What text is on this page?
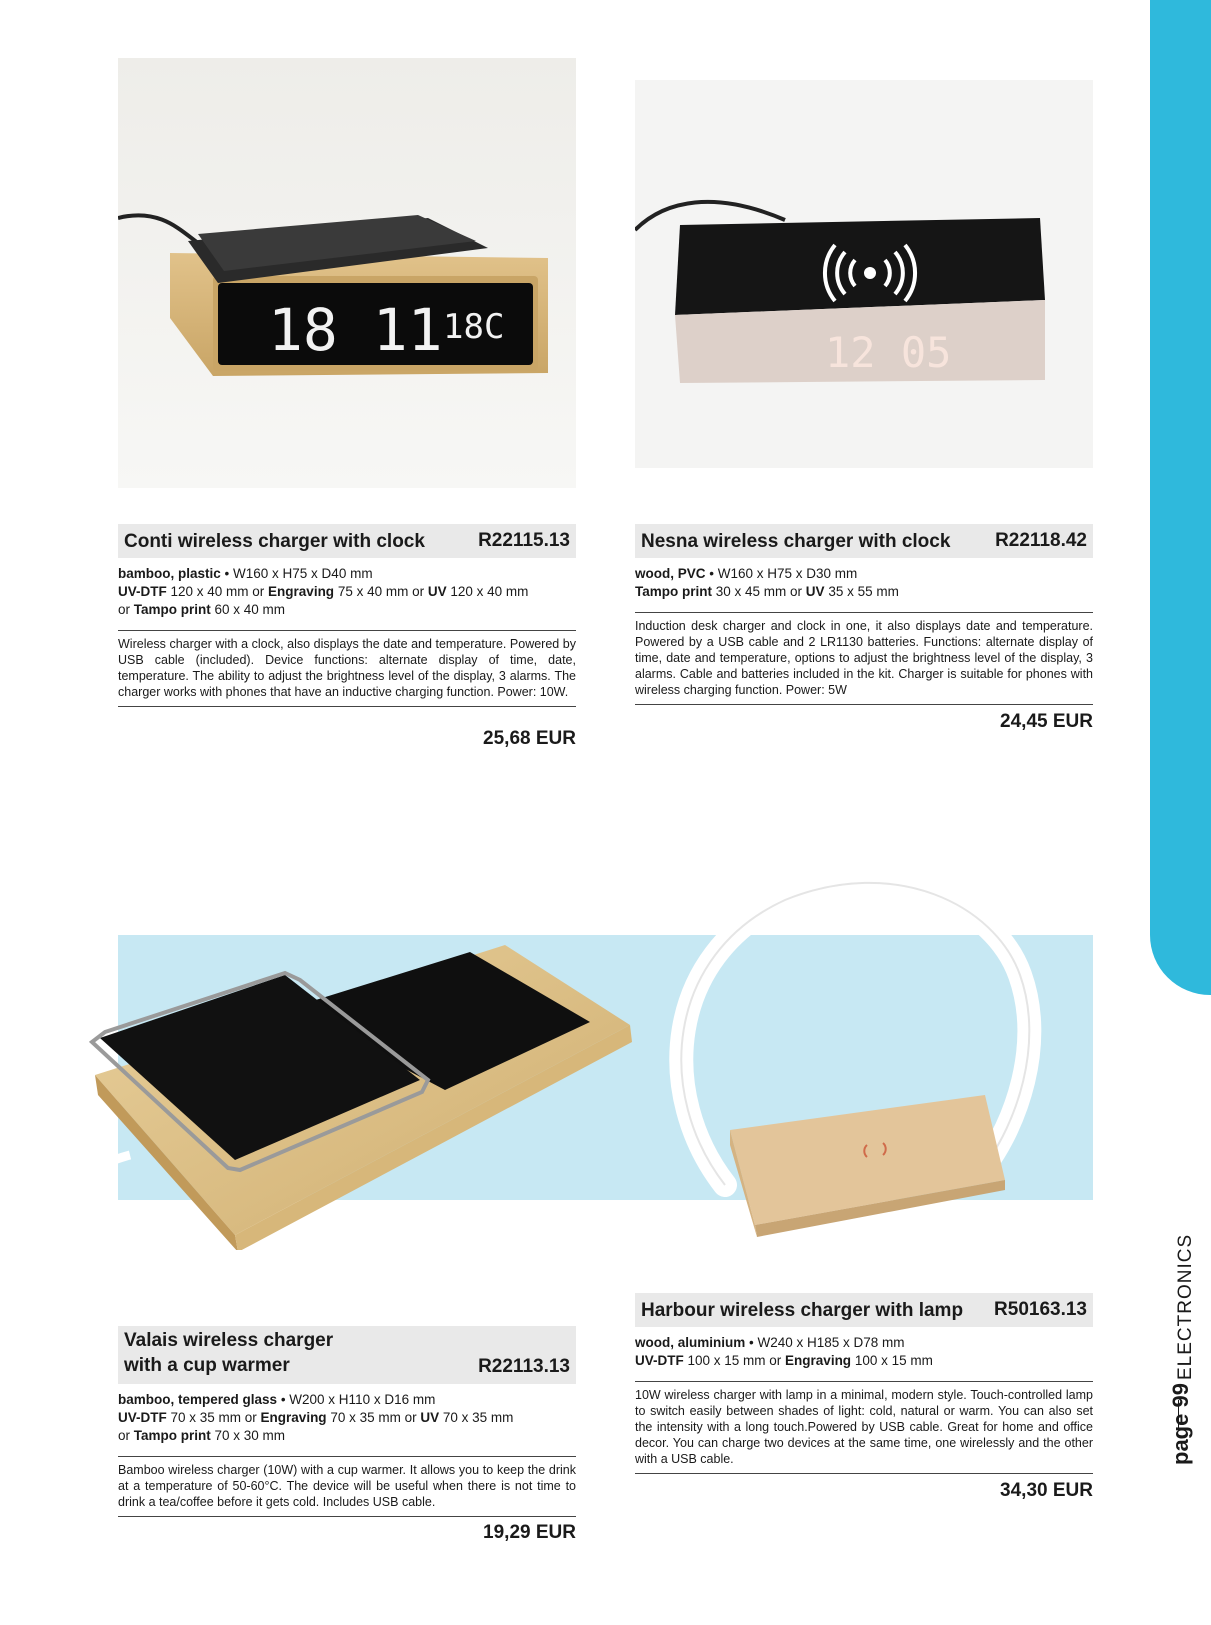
ELECTRONICS
page 99
18 11 18C
Conti wireless charger with clock	R22115.13
bamboo, plastic • W160 x H75 x D40 mm
UV-DTF 120 x 40 mm or Engraving 75 x 40 mm or UV 120 x 40 mm
or Tampo print 60 x 40 mm
Wireless charger with a clock, also displays the date and temperature. Powered by USB cable (included). Device functions: alternate display of time, date, temperature. The ability to adjust the brightness level of the display, 3 alarms. The charger works with phones that have an inductive charging function. Power: 10W.
25,68 EUR
12 05
Nesna wireless charger with clock R22118.42
wood, PVC • W160 x H75 x D30 mm
Tampo print 30 x 45 mm or UV 35 x 55 mm
Induction desk charger and clock in one, it also displays date and temperature. Powered by a USB cable and 2 LR1130 batteries. Functions: alternate display of time, date and temperature, options to adjust the brightness level of the display, 3 alarms. Cable and batteries included in the kit. Charger is suitable for phones with wireless charging function. Power: 5W
24,45 EUR
Valais wireless charger
with a cup warmer	R22113.13
bamboo, tempered glass • W200 x H110 x D16 mm
UV-DTF 70 x 35 mm or Engraving 70 x 35 mm or UV 70 x 35 mm
or Tampo print 70 x 30 mm
Bamboo wireless charger (10W) with a cup warmer. It allows you to keep the drink at a temperature of 50-60°C. The device will be useful when there is not time to drink a tea/coffee before it gets cold. Includes USB cable.
19,29 EUR
Harbour wireless charger with lamp R50163.13
wood, aluminium • W240 x H185 x D78 mm
UV-DTF 100 x 15 mm or Engraving 100 x 15 mm
10W wireless charger with lamp in a minimal, modern style. Touch-controlled lamp to switch easily between shades of light: cold, natural or warm. You can also set the intensity with a long touch.Powered by USB cable. Great for home and office decor. You can charge two devices at the same time, one wirelessly and the other with a USB cable.
34,30 EUR
